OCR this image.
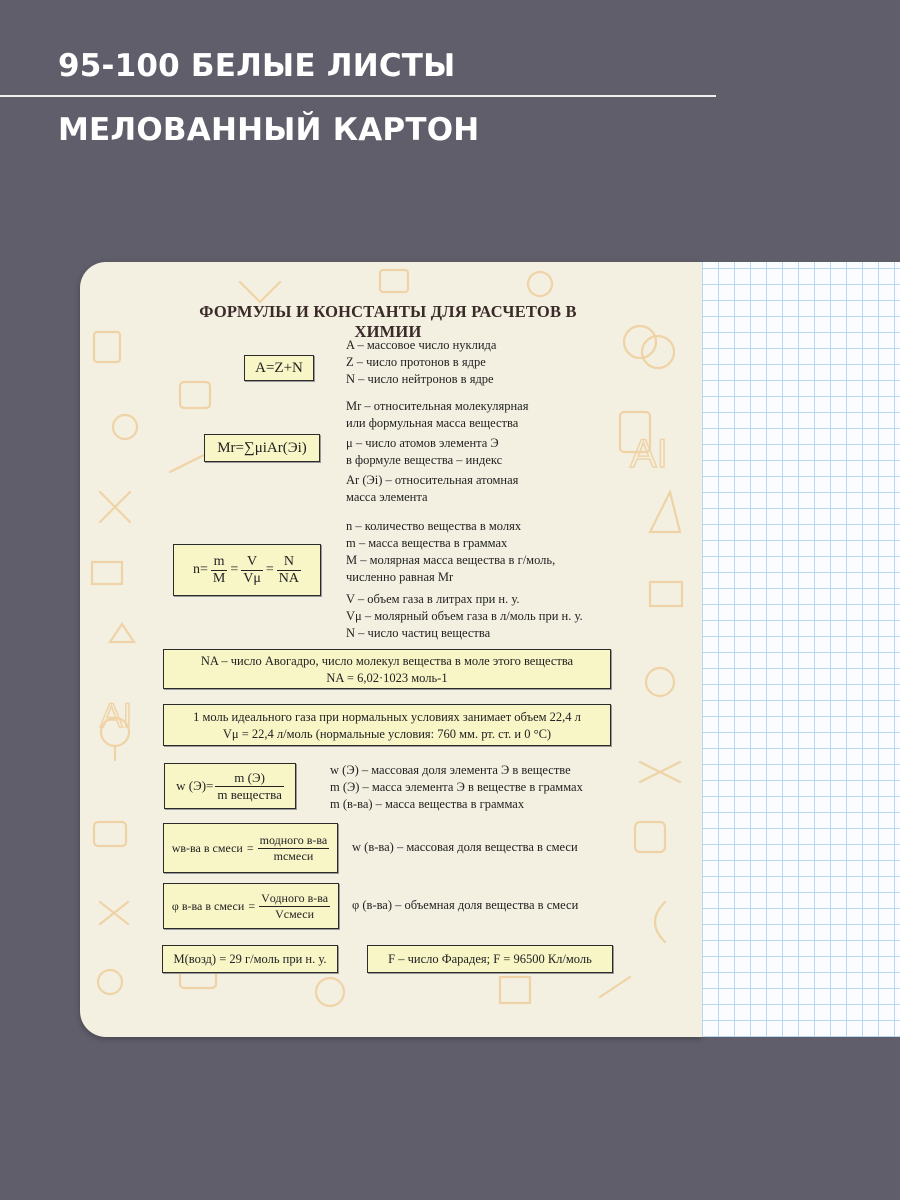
95-100 БЕЛЫЕ ЛИСТЫ
МЕЛОВАННЫЙ КАРТОН
AI
AI
ФОРМУЛЫ И КОНСТАНТЫ ДЛЯ РАСЧЕТОВ В ХИМИИ
A=Z+N
A – массовое число нуклида
Z – число протонов в ядре
N – число нейтронов в ядре
Mr=∑μiAr(Эi)
Mr – относительная молекулярная
или формульная масса вещества
μ – число атомов элемента Э
в формуле вещества – индекс
Ar (Эi) – относительная атомная
масса элемента
$n= \frac{m}{M} = \frac{V}{V\mu} = \frac{N}{NA}$
n – количество вещества в молях
m – масса вещества в граммах
M – молярная масса вещества в г/моль,
численно равная Mr
V – объем газа в литрах при н. у.
Vμ – молярный объем газа в л/моль при н. у.
N – число частиц вещества
NA – число Авогадро, число молекул вещества в моле этого вещества
NA = 6,02·1023 моль-1
1 моль идеального газа при нормальных условиях занимает объем 22,4 л
Vμ = 22,4 л/моль (нормальные условия: 760 мм. рт. ст. и 0 °С)
w $(Э)= \frac{m (Э)}{\text{m вещества}}$	w (Э) – массовая доля элемента Э в веществе
m (Э) – масса элемента Э в веществе в граммах
m (в-ва) – масса вещества в граммах
wв-ва в смеси = $\frac{\text{mодного в-ва}}{\text{mсмеси}}$ w (в-ва) – массовая доля вещества в смеси
φ в-ва в смеси = $\frac{\text{Vодного в-ва}}{\text{Vсмеси}}$ φ (в-ва) – объемная доля вещества в смеси
M(возд) = 29 г/моль при н. у.	F – число Фарадея; F = 96500 Кл/моль
